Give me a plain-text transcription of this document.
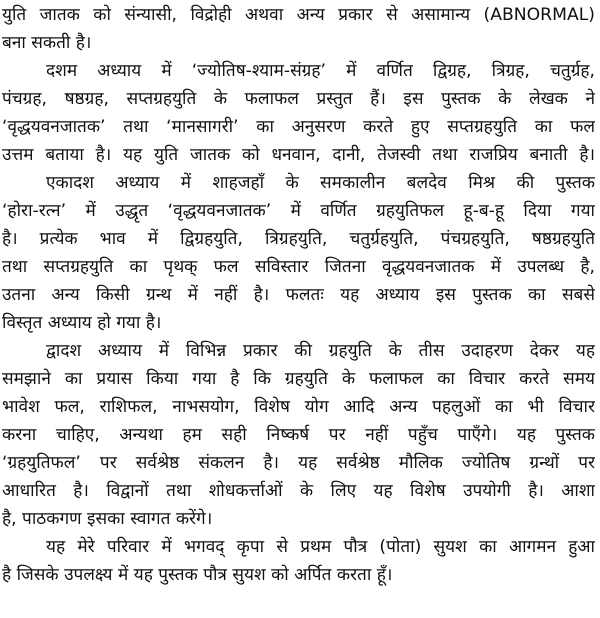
युति जातक को संन्यासी, विद्रोही अथवा अन्य प्रकार से असामान्य (ABNORMAL)
बना सकती है।
दशम अध्याय में ‘ज्योतिष-श्याम-संग्रह’ में वर्णित द्विग्रह, त्रिग्रह, चतुर्ग्रह,
पंचग्रह, षष्ठग्रह, सप्तग्रहयुति के फलाफल प्रस्तुत हैं। इस पुस्तक के लेखक ने
‘वृद्धयवनजातक’ तथा ‘मानसागरी’ का अनुसरण करते हुए सप्तग्रहयुति का फल
उत्तम बताया है। यह युति जातक को धनवान, दानी, तेजस्वी तथा राजप्रिय बनाती है।
एकादश अध्याय में शाहजहाँ के समकालीन बलदेव मिश्र की पुस्तक
‘होरा-रत्न’ में उद्धृत ‘वृद्धयवनजातक’ में वर्णित ग्रहयुतिफल हू-ब-हू दिया गया
है। प्रत्येक भाव में द्विग्रहयुति, त्रिग्रहयुति, चतुर्ग्रहयुति, पंचग्रहयुति, षष्ठग्रहयुति
तथा सप्तग्रहयुति का पृथक् फल सविस्तार जितना वृद्धयवनजातक में उपलब्ध है,
उतना अन्य किसी ग्रन्थ में नहीं है। फलतः यह अध्याय इस पुस्तक का सबसे
विस्तृत अध्याय हो गया है।
द्वादश अध्याय में विभिन्न प्रकार की ग्रहयुति के तीस उदाहरण देकर यह
समझाने का प्रयास किया गया है कि ग्रहयुति के फलाफल का विचार करते समय
भावेश फल, राशिफल, नाभसयोग, विशेष योग आदि अन्य पहलुओं का भी विचार
करना चाहिए, अन्यथा हम सही निष्कर्ष पर नहीं पहुँच पाएँगे। यह पुस्तक
‘ग्रहयुतिफल’ पर सर्वश्रेष्ठ संकलन है। यह सर्वश्रेष्ठ मौलिक ज्योतिष ग्रन्थों पर
आधारित है। विद्वानों तथा शोधकर्त्ताओं के लिए यह विशेष उपयोगी है। आशा
है, पाठकगण इसका स्वागत करेंगे।
यह मेरे परिवार में भगवद् कृपा से प्रथम पौत्र (पोता) सुयश का आगमन हुआ
है जिसके उपलक्ष्य में यह पुस्तक पौत्र सुयश को अर्पित करता हूँ।
